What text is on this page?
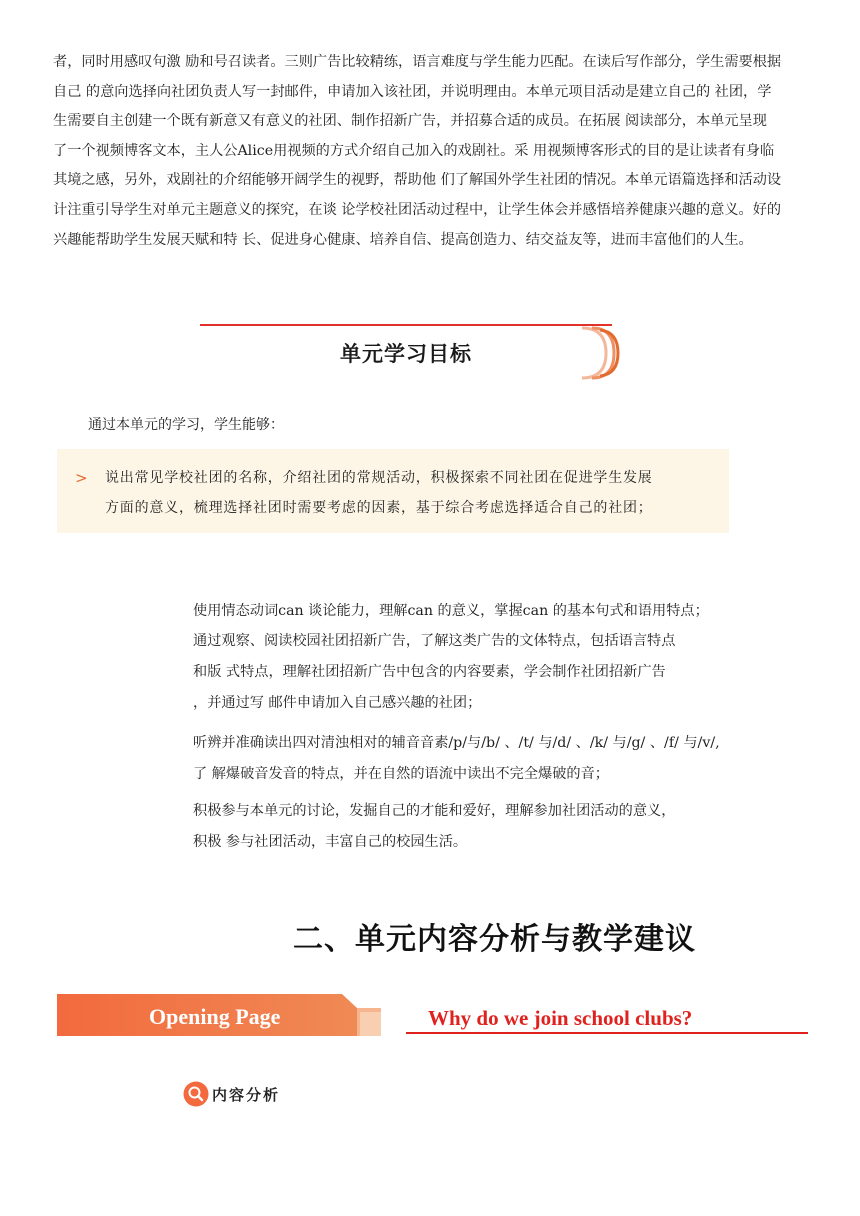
者，同时用感叹句激 励和号召读者。三则广告比较精练，语言难度与学生能力匹配。在读后写作部分，学生需要根据
自己 的意向选择向社团负责人写一封邮件，申请加入该社团，并说明理由。本单元项目活动是建立自己的 社团，学
生需要自主创建一个既有新意又有意义的社团、制作招新广告，并招募合适的成员。在拓展 阅读部分，本单元呈现
了一个视频博客文本，主人公Alice用视频的方式介绍自己加入的戏剧社。采 用视频博客形式的目的是让读者有身临
其境之感，另外，戏剧社的介绍能够开阔学生的视野，帮助他 们了解国外学生社团的情况。本单元语篇选择和活动设
计注重引导学生对单元主题意义的探究，在谈 论学校社团活动过程中，让学生体会并感悟培养健康兴趣的意义。好的
兴趣能帮助学生发展天赋和特 长、促进身心健康、培养自信、提高创造力、结交益友等，进而丰富他们的人生。
单元学习目标
通过本单元的学习，学生能够：
> 说出常见学校社团的名称，介绍社团的常规活动，积极探索不同社团在促进学生发展
方面的意义，梳理选择社团时需要考虑的因素，基于综合考虑选择适合自己的社团；
使用情态动词can 谈论能力，理解can 的意义，掌握can 的基本句式和语用特点；
通过观察、阅读校园社团招新广告，了解这类广告的文体特点，包括语言特点
和版 式特点，理解社团招新广告中包含的内容要素，学会制作社团招新广告
，并通过写 邮件申请加入自己感兴趣的社团；
听辨并准确读出四对清浊相对的辅音音素/p/与/b/ 、/t/ 与/d/ 、/k/ 与/g/ 、/f/ 与/v/,
了 解爆破音发音的特点，并在自然的语流中读出不完全爆破的音；
积极参与本单元的讨论，发掘自己的才能和爱好，理解参加社团活动的意义，
积极 参与社团活动，丰富自己的校园生活。
二、单元内容分析与教学建议
Opening Page	Why do we join school clubs?
内容分析
